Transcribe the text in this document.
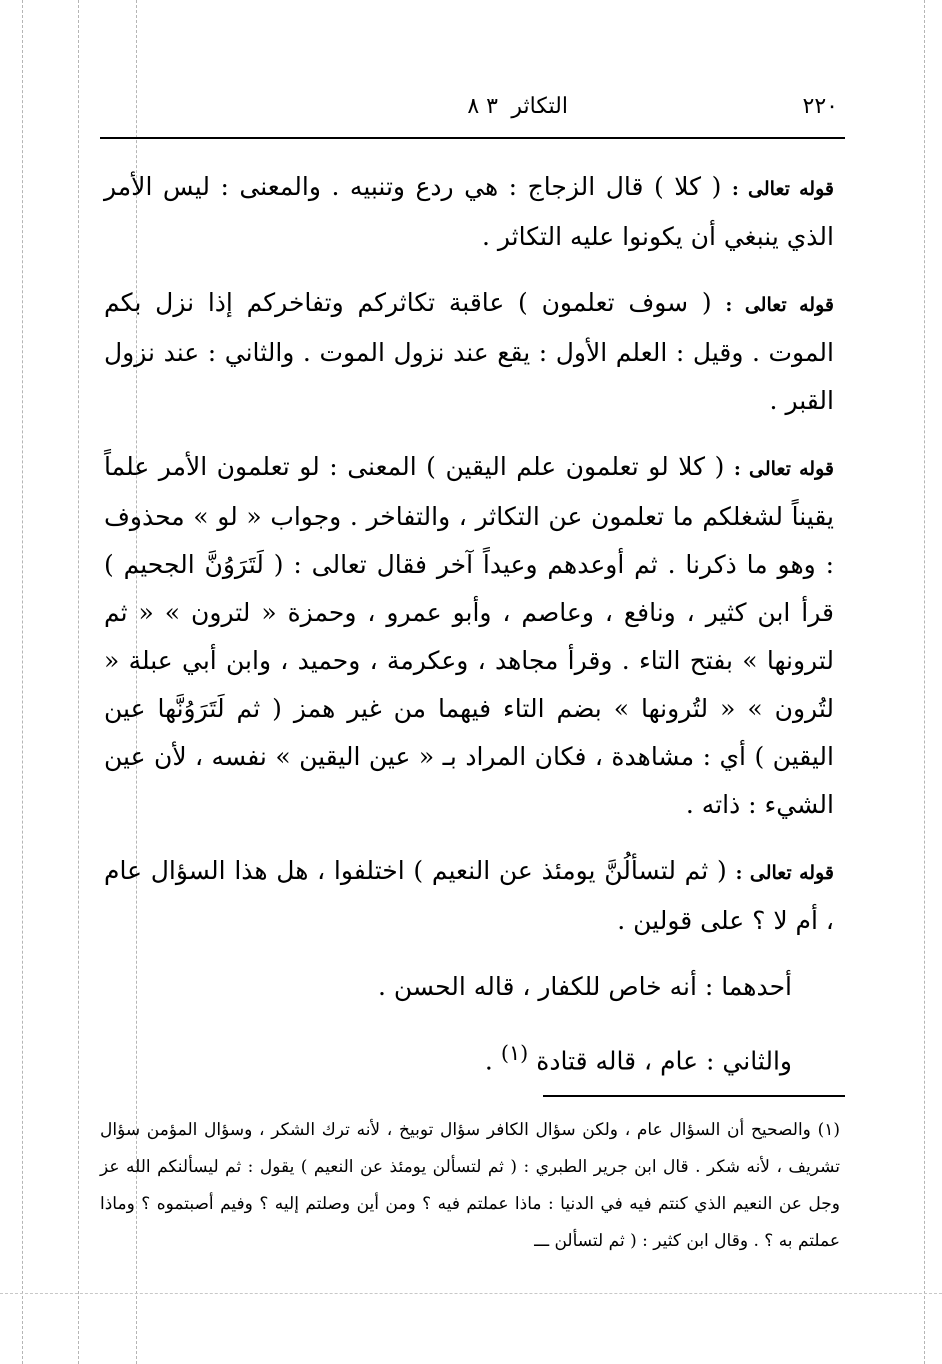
٢٢٠
التكاثر
٣ ٨

قوله تعالى : ( كلا ) قال الزجاج : هي ردع وتنبيه . والمعنى : ليس الأمر الذي ينبغي أن يكونوا عليه التكاثر .

قوله تعالى : ( سوف تعلمون ) عاقبة تكاثركم وتفاخركم إذا نزل بكم الموت . وقيل : العلم الأول : يقع عند نزول الموت . والثاني : عند نزول القبر .

قوله تعالى : ( كلا لو تعلمون علم اليقين ) المعنى : لو تعلمون الأمر علماً يقيناً لشغلكم ما تعلمون عن التكاثر ، والتفاخر . وجواب « لو » محذوف : وهو ما ذكرنا . ثم أوعدهم وعيداً آخر فقال تعالى : ( لَتَرَوُنَّ الجحيم ) قرأ ابن كثير ، ونافع ، وعاصم ، وأبو عمرو ، وحمزة « لترون » « ثم لترونها » بفتح التاء . وقرأ مجاهد ، وعكرمة ، وحميد ، وابن أبي عبلة « لتُرون » « لتُرونها » بضم التاء فيهما من غير همز ( ثم لَتَرَوُنَّها عين اليقين ) أي : مشاهدة ، فكان المراد بـ « عين اليقين » نفسه ، لأن عين الشيء : ذاته .

قوله تعالى : ( ثم لتسألُنَّ يومئذ عن النعيم ) اختلفوا ، هل هذا السؤال عام ، أم لا ؟ على قولين .

أحدهما : أنه خاص للكفار ، قاله الحسن .

والثاني : عام ، قاله قتادة $^{(١)}$ .

(١) والصحيح أن السؤال عام ، ولكن سؤال الكافر سؤال توبيخ ، لأنه ترك الشكر ، وسؤال المؤمن سؤال تشريف ، لأنه شكر . قال ابن جرير الطبري : ( ثم لتسألن يومئذ عن النعيم ) يقول : ثم ليسألنكم الله عز وجل عن النعيم الذي كنتم فيه في الدنيا : ماذا عملتم فيه ؟ ومن أين وصلتم إليه ؟ وفيم أصبتموه ؟ وماذا عملتم به ؟ . وقال ابن كثير : ( ثم لتسألن ـــ
